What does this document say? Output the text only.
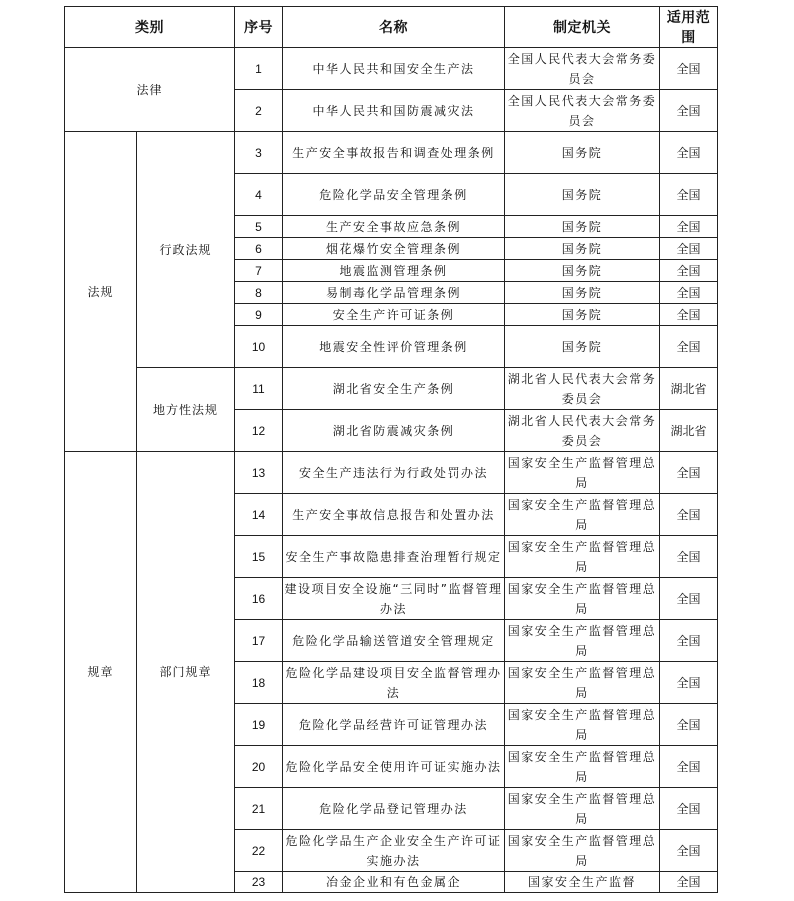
类别		序号	名称	制定机关	适用范围
法律		1	中华人民共和国安全生产法	全国人民代表大会常务委员会	全国
		2	中华人民共和国防震减灾法	全国人民代表大会常务委员会	全国
法规	行政法规	3	生产安全事故报告和调查处理条例	国务院	全国
		4	危险化学品安全管理条例	国务院	全国
		5	生产安全事故应急条例	国务院	全国
		6	烟花爆竹安全管理条例	国务院	全国
		7	地震监测管理条例	国务院	全国
		8	易制毒化学品管理条例	国务院	全国
		9	安全生产许可证条例	国务院	全国
		10	地震安全性评价管理条例	国务院	全国
	地方性法规	11	湖北省安全生产条例	湖北省人民代表大会常务委员会	湖北省
		12	湖北省防震减灾条例	湖北省人民代表大会常务委员会	湖北省
规章	部门规章	13	安全生产违法行为行政处罚办法	国家安全生产监督管理总局	全国
		14	生产安全事故信息报告和处置办法	国家安全生产监督管理总局	全国
		15	安全生产事故隐患排查治理暂行规定	国家安全生产监督管理总局	全国
		16	建设项目安全设施“三同时”监督管理办法	国家安全生产监督管理总局	全国
		17	危险化学品输送管道安全管理规定	国家安全生产监督管理总局	全国
		18	危险化学品建设项目安全监督管理办法	国家安全生产监督管理总局	全国
		19	危险化学品经营许可证管理办法	国家安全生产监督管理总局	全国
		20	危险化学品安全使用许可证实施办法	国家安全生产监督管理总局	全国
		21	危险化学品登记管理办法	国家安全生产监督管理总局	全国
		22	危险化学品生产企业安全生产许可证实施办法	国家安全生产监督管理总局	全国
		23	冶金企业和有色金属企	国家安全生产监督	全国
